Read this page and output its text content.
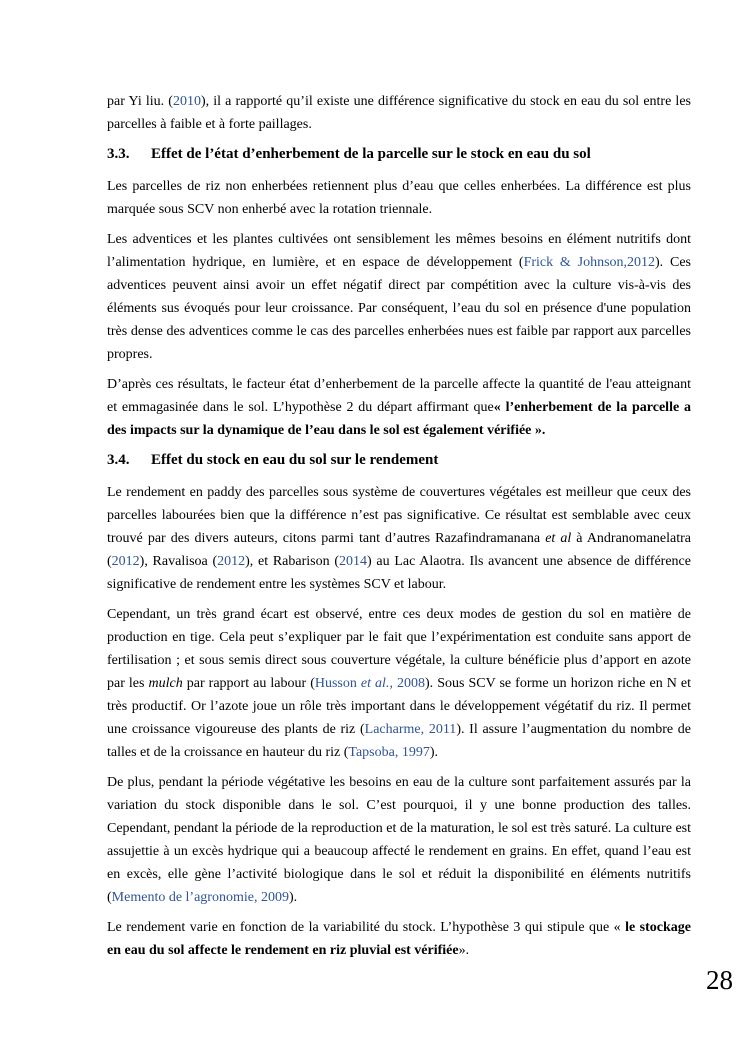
par Yi liu. (2010), il a rapporté qu’il existe une différence significative du stock en eau du sol entre les parcelles à faible et à forte paillages.

3.3.	Effet de l’état d’enherbement de la parcelle sur le stock en eau du sol

Les parcelles de riz non enherbées retiennent plus d’eau que celles enherbées. La différence est plus marquée sous SCV non enherbé avec la rotation triennale.

Les adventices et les plantes cultivées ont sensiblement les mêmes besoins en élément nutritifs dont l’alimentation hydrique, en lumière, et en espace de développement (Frick & Johnson,2012). Ces adventices peuvent ainsi avoir un effet négatif direct par compétition avec la culture vis-à-vis des éléments sus évoqués pour leur croissance. Par conséquent, l’eau du sol en présence d'une population très dense des adventices comme le cas des parcelles enherbées nues est faible par rapport aux parcelles propres.

D’après ces résultats, le facteur état d’enherbement de la parcelle affecte la quantité de l'eau atteignant et emmagasinée dans le sol. L’hypothèse 2 du départ affirmant que« l’enherbement de la parcelle a des impacts sur la dynamique de l’eau dans le sol est également vérifiée ».

3.4.	Effet du stock en eau du sol sur le rendement

Le rendement en paddy des parcelles sous système de couvertures végétales est meilleur que ceux des parcelles labourées bien que la différence n’est pas significative. Ce résultat est semblable avec ceux trouvé par des divers auteurs, citons parmi tant d’autres Razafindramanana et al à Andranomanelatra (2012), Ravalisoa (2012), et Rabarison (2014) au Lac Alaotra. Ils avancent une absence de différence significative de rendement entre les systèmes SCV et labour.

Cependant, un très grand écart est observé, entre ces deux modes de gestion du sol en matière de production en tige. Cela peut s’expliquer par le fait que l’expérimentation est conduite sans apport de fertilisation ; et sous semis direct sous couverture végétale, la culture bénéficie plus d’apport en azote par les mulch par rapport au labour (Husson et al., 2008). Sous SCV se forme un horizon riche en N et très productif. Or l’azote joue un rôle très important dans le développement végétatif du riz. Il permet une croissance vigoureuse des plants de riz (Lacharme, 2011). Il assure l’augmentation du nombre de talles et de la croissance en hauteur du riz (Tapsoba, 1997).

De plus, pendant la période végétative les besoins en eau de la culture sont parfaitement assurés par la variation du stock disponible dans le sol. C’est pourquoi, il y une bonne production des talles. Cependant, pendant la période de la reproduction et de la maturation, le sol est très saturé. La culture est assujettie à un excès hydrique qui a beaucoup affecté le rendement en grains. En effet, quand l’eau est en excès, elle gène l’activité biologique dans le sol et réduit la disponibilité en éléments nutritifs (Memento de l’agronomie, 2009).

Le rendement varie en fonction de la variabilité du stock. L’hypothèse 3 qui stipule que « le stockage en eau du sol affecte le rendement en riz pluvial est vérifiée».

28
